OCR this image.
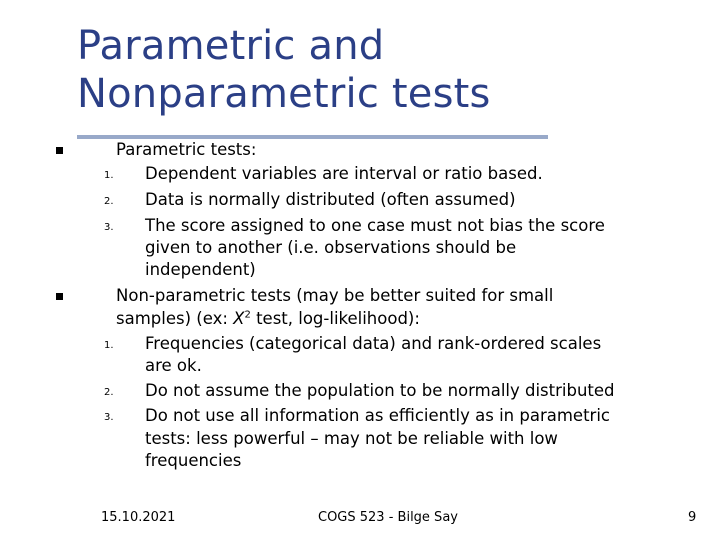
Parametric and
Nonparametric tests
Parametric tests:
1. Dependent variables are interval or ratio based.
2. Data is normally distributed (often assumed)
3. The score assigned to one case must not bias the score
given to another (i.e. observations should be
independent)
Non-parametric tests (may be better suited for small
samples) (ex: $X^2$ test, log-likelihood):
1. Frequencies (categorical data) and rank-ordered scales
are ok.
2. Do not assume the population to be normally distributed
3. Do not use all information as efficiently as in parametric
tests: less powerful – may not be reliable with low
frequencies
15.10.2021	COGS 523 - Bilge Say	9
